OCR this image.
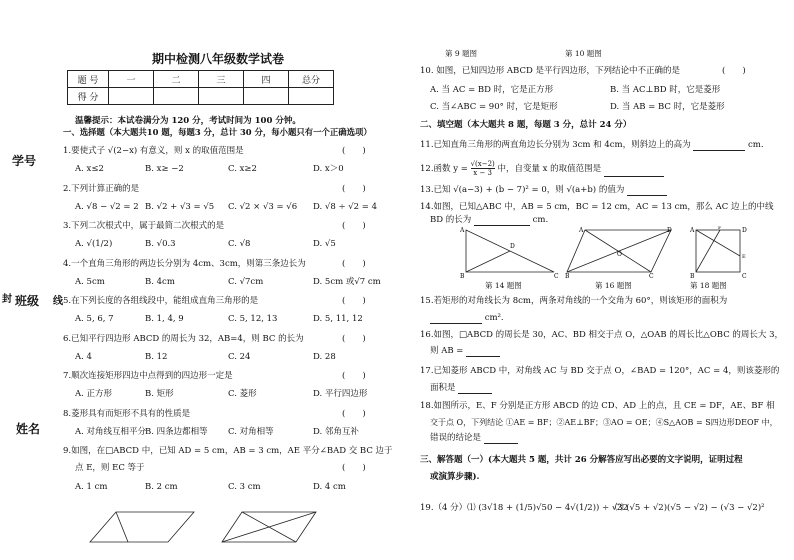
学号
班级
封	线
姓名
期中检测八年级数学试卷
题 号	一	二	三	四	总分
得 分					
温馨提示：本试卷满分为 120 分，考试时间为 100 分钟。
一、选择题（本大题共10 题，每题3 分，总计 30 分，每小题只有一个正确选项）
1.要使式子 √(2−x) 有意义，则 x 的取值范围是	(　　)
A. x≤2	B. x≥ −2	C. x≥2	D. x＞0
2.下列计算正确的是	(　　)
A. √8 − √2 = 2 B. √2 + √3 = √5 C. √2 × √3 = √6 D. √8 ÷ √2 = 4
3.下列二次根式中，属于最简二次根式的是	(　　)
A. √(1/2)	B. √0.3	C. √8	D. √5
4.一个直角三角形的两边长分别为 4cm、3cm，则第三条边长为	(　　)
A. 5cm	B. 4cm	C. √7cm	D. 5cm 或√7 cm
5.在下列长度的各组线段中，能组成直角三角形的是	(　　)
A. 5, 6, 7	B. 1, 4, 9	C. 5, 12, 13	D. 5, 11, 12
6.已知平行四边形 ABCD 的周长为 32，AB=4，则 BC 的长为	(　　)
A. 4	B. 12	C. 24	D. 28
7.顺次连接矩形四边中点得到的四边形一定是	(　　)
A. 正方形	B. 矩形	C. 菱形	D. 平行四边形
8.菱形具有而矩形不具有的性质是	(　　)
A. 对角线互相平分
B. 四条边都相等 C. 对角相等	D. 邻角互补
9.如图，在□ABCD 中，已知 AD = 5 cm，AB = 3 cm，AE 平分∠BAD 交 BC 边于
点 E，则 EC 等于	(　　)
A. 1 cm	B. 2 cm	C. 3 cm	D. 4 cm
第 9 题图	第 10 题图
10. 如图，已知四边形 ABCD 是平行四边形，下列结论中不正确的是	(　　)
A. 当 AC = BD 时，它是正方形	B. 当 AC⊥BD 时，它是菱形
C. 当∠ABC = 90° 时，它是矩形	D. 当 AB = BC 时，它是菱形
二、填空题（本大题共 8 题，每题 3 分，总计 24 分）
11.已知直角三角形的两直角边长分别为 3cm 和 4cm，则斜边上的高为	cm.
12.函数 $y = \frac{√(x-2)}{x - 3}$ 中，自变量 x 的取值范围是
13.已知 √(a−3) + (b − 7)² = 0，则 √(a+b) 的值为
14.如图，已知△ABC 中，AB = 5 cm，BC = 12 cm，AC = 13 cm，那么 AC 边上的中线
BD 的长为	cm.
A
D
B	C
A	D
O
B	C
A	F	D
E
B	C
第 14 题图	第 16 题图	第 18 题图
15.若矩形的对角线长为 8cm，两条对角线的一个交角为 60°，则该矩形的面积为
cm².
16.如图，□ABCD 的周长是 30，AC、BD 相交于点 O，△OAB 的周长比△OBC 的周长大 3，
则 AB =
17.已知菱形 ABCD 中，对角线 AC 与 BD 交于点 O，∠BAD = 120°，AC = 4，则该菱形的
面积是
18.如图所示，E、F 分别是正方形 ABCD 的边 CD、AD 上的点，且 CE = DF，AE、BF 相
交于点 O，下列结论 ①AE = BF；②AE⊥BF；③AO = OE；④S△AOB = S四边形DEOF 中，
错误的结论是
三、解答题（一）(本大题共 5 题，共计 26 分解答应写出必要的文字说明，证明过程
或演算步骤).
19.（4 分）⑴ (3√18 + (1/5)√50 − 4√(1/2)) ÷ √32
⑵ (√5 + √2)(√5 − √2) − (√3 − √2)²
